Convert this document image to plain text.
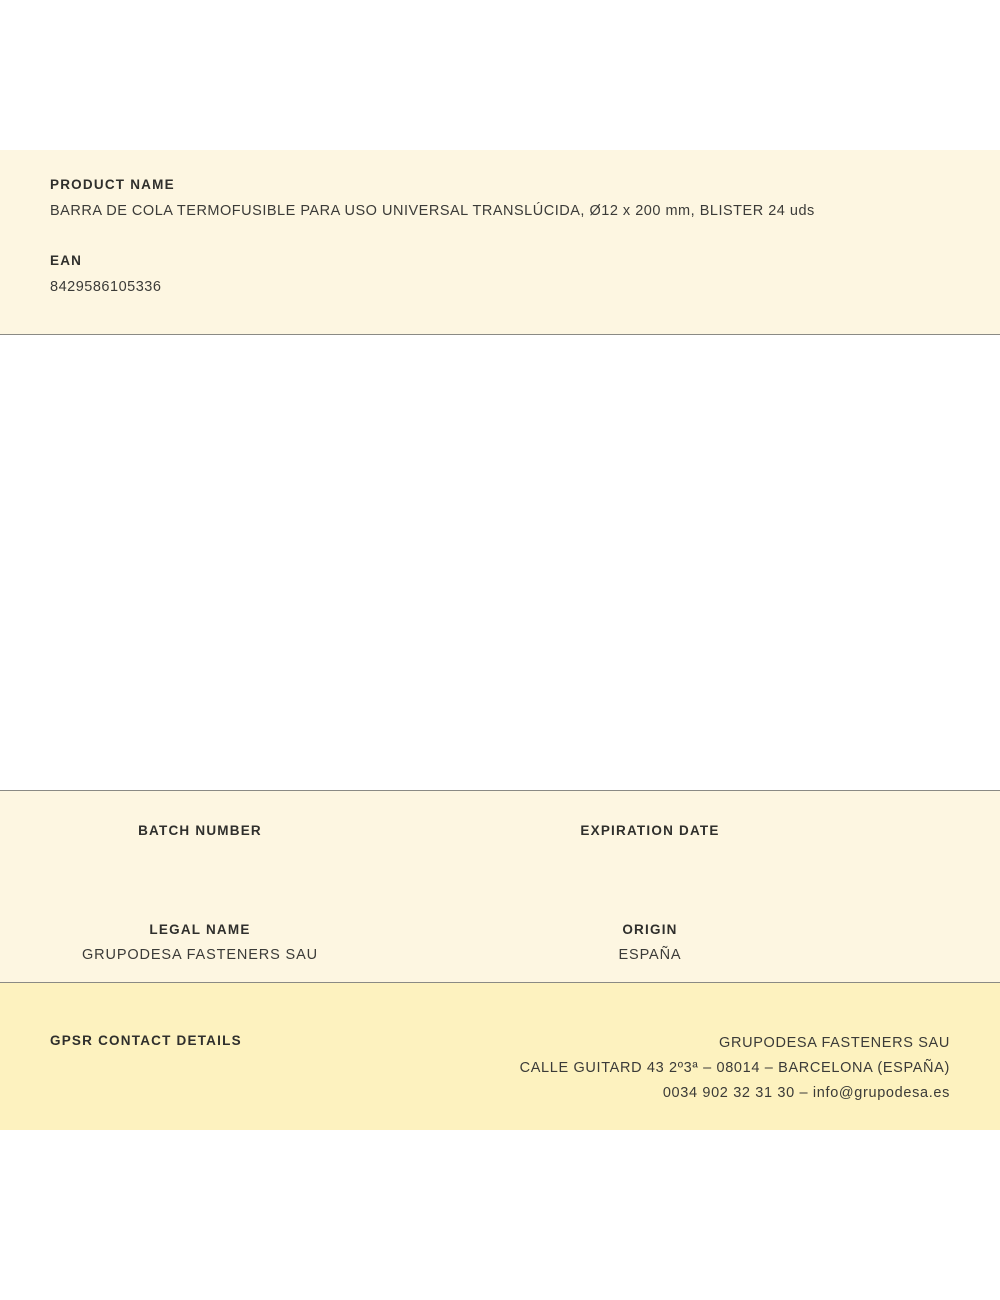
PRODUCT NAME
BARRA DE COLA TERMOFUSIBLE PARA USO UNIVERSAL TRANSLÚCIDA, Ø12 x 200 mm, BLISTER 24 uds
EAN
8429586105336
BATCH NUMBER	EXPIRATION DATE
LEGAL NAME
GRUPODESA FASTENERS SAU
ORIGIN
ESPAÑA
GPSR CONTACT DETAILS	GRUPODESA FASTENERS SAU
CALLE GUITARD 43 2º3ª – 08014 – BARCELONA (ESPAÑA)
0034 902 32 31 30 – info@grupodesa.es
